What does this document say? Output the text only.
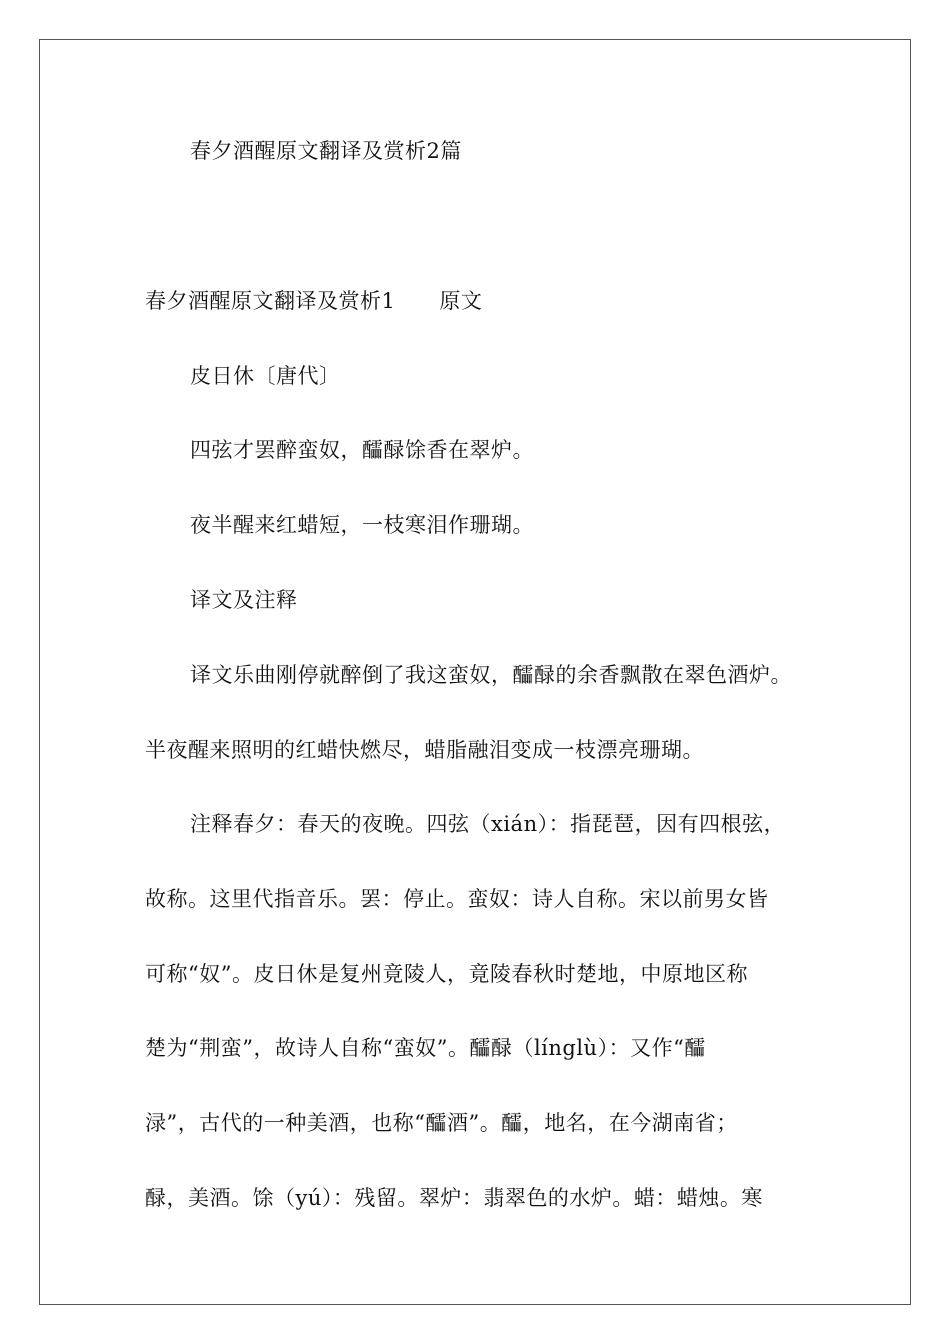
春夕酒醒原文翻译及赏析2篇
春夕酒醒原文翻译及赏析1 原文
皮日休〔唐代〕
四弦才罢醉蛮奴，醽醁馀香在翠炉。
夜半醒来红蜡短，一枝寒泪作珊瑚。
译文及注释
译文乐曲刚停就醉倒了我这蛮奴，醽醁的余香飘散在翠色酒炉。
半夜醒来照明的红蜡快燃尽，蜡脂融泪变成一枝漂亮珊瑚。
注释春夕：春天的夜晚。四弦（xián）：指琵琶，因有四根弦，
故称。这里代指音乐。罢：停止。蛮奴：诗人自称。宋以前男女皆
可称“奴”。皮日休是复州竟陵人，竟陵春秋时楚地，中原地区称
楚为“荆蛮”，故诗人自称“蛮奴”。醽醁（línglù）：又作“醽
渌”，古代的一种美酒，也称“醽酒”。醽，地名，在今湖南省；
醁，美酒。馀（yú）：残留。翠炉：翡翠色的水炉。蜡：蜡烛。寒
